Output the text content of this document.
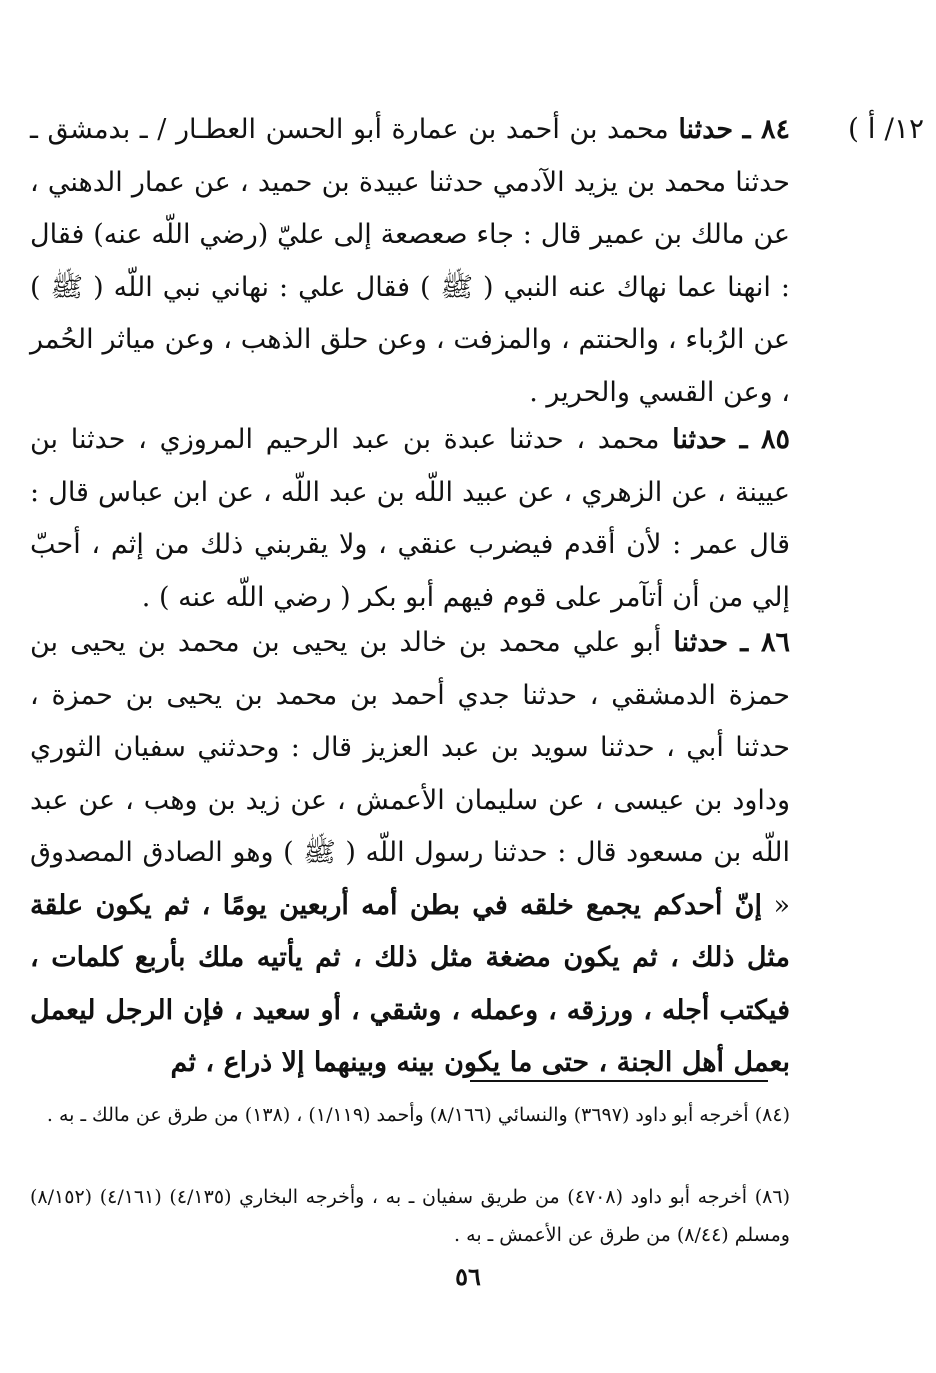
١٢/ أ )
٨٤ ـ حدثنا محمد بن أحمد بن عمارة أبو الحسن العطـار / ـ بدمشق ـ حدثنا محمد بن يزيد الآدمي حدثنا عبيدة بن حميد ، عن عمار الدهني ، عن مالك بن عمير قال : جاء صعصعة إلى عليّ (رضي اللّه عنه) فقال : انهنا عما نهاك عنه النبي ( ﷺ ) فقال علي : نهاني نبي اللّه ( ﷺ ) عن الرُباء ، والحنتم ، والمزفت ، وعن حلق الذهب ، وعن مياثر الحُمر ، وعن القسي والحرير .
٨٥ ـ حدثنا محمد ، حدثنا عبدة بن عبد الرحيم المروزي ، حدثنا بن عيينة ، عن الزهري ، عن عبيد اللّه بن عبد اللّه ، عن ابن عباس قال : قال عمر : لأن أقدم فيضرب عنقي ، ولا يقربني ذلك من إثم ، أحبّ إلي من أن أتآمر على قوم فيهم أبو بكر ( رضي اللّه عنه ) .
٨٦ ـ حدثنا أبو علي محمد بن خالد بن يحيى بن محمد بن يحيى بن حمزة الدمشقي ، حدثنا جدي أحمد بن محمد بن يحيى بن حمزة ، حدثنا أبي ، حدثنا سويد بن عبد العزيز قال : وحدثني سفيان الثوري وداود بن عيسى ، عن سليمان الأعمش ، عن زيد بن وهب ، عن عبد اللّه بن مسعود قال : حدثنا رسول اللّه ( ﷺ ) وهو الصادق المصدوق « إنّ أحدكم يجمع خلقه في بطن أمه أربعين يومًا ، ثم يكون علقة مثل ذلك ، ثم يكون مضغة مثل ذلك ، ثم يأتيه ملك بأربع كلمات ، فيكتب أجله ، ورزقه ، وعمله ، وشقي ، أو سعيد ، فإن الرجل ليعمل بعمل أهل الجنة ، حتى ما يكون بينه وبينهما إلا ذراع ، ثم
(٨٤) أخرجه أبو داود (٣٦٩٧) والنسائي (٨/١٦٦) وأحمد (١/١١٩) ، (١٣٨) من طرق عن مالك ـ به .
(٨٦) أخرجه أبو داود (٤٧٠٨) من طريق سفيان ـ به ، وأخرجه البخاري (٤/١٣٥) (٤/١٦١) (٨/١٥٢) ومسلم (٨/٤٤) من طرق عن الأعمش ـ به .
٥٦
